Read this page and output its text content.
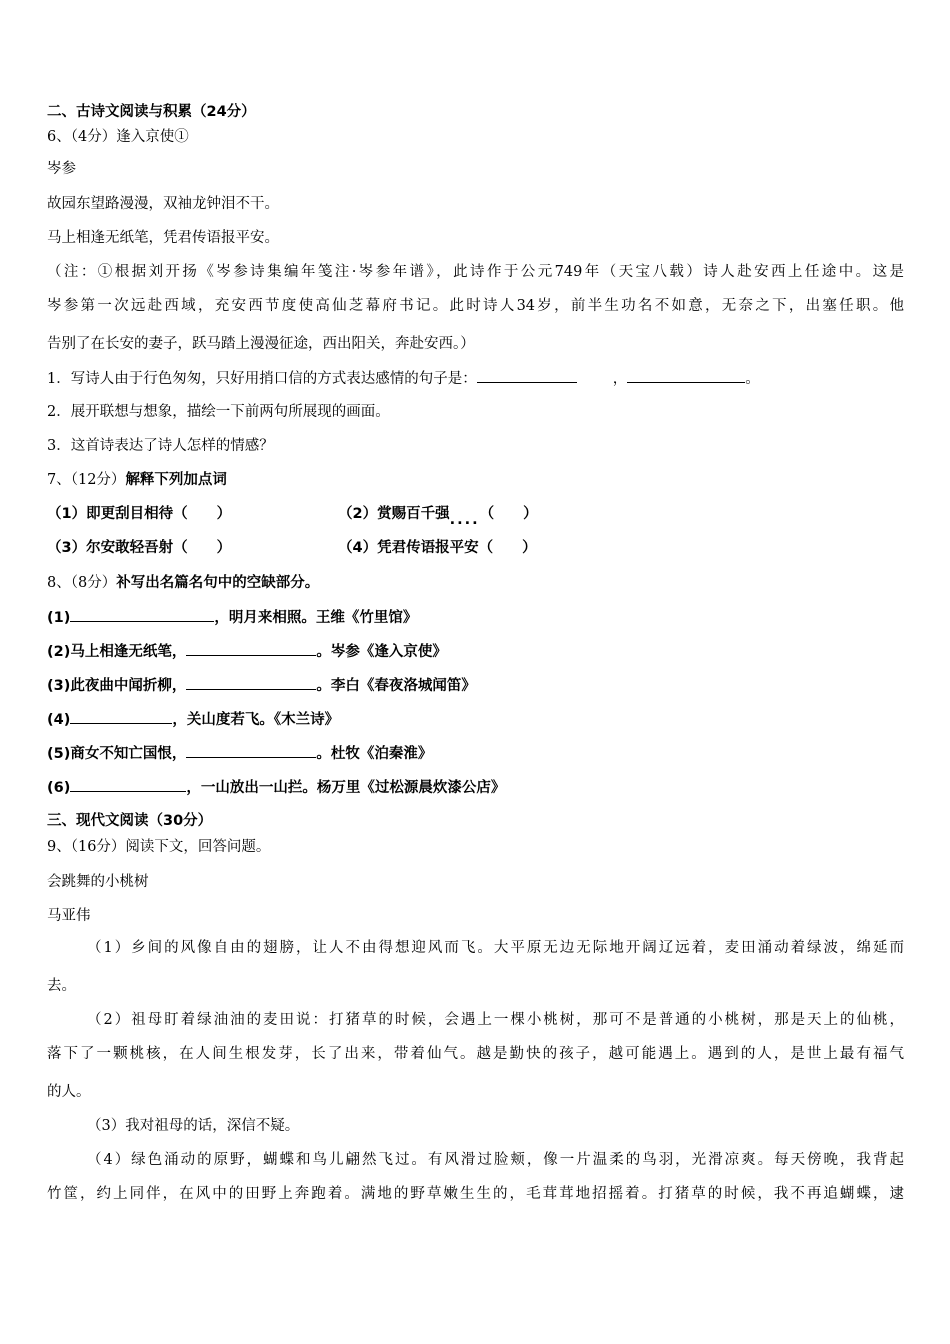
二、古诗文阅读与积累（24分）
6、（4分）逢入京使①
岑参
故园东望路漫漫，双袖龙钟泪不干。
马上相逢无纸笔，凭君传语报平安。
（注：①根据刘开扬《岑参诗集编年笺注·岑参年谱》，此诗作于公元749年（天宝八载）诗人赴安西上任途中。这是
岑参第一次远赴西域，充安西节度使高仙芝幕府书记。此时诗人34岁，前半生功名不如意，无奈之下，出塞任职。他
告别了在长安的妻子，跃马踏上漫漫征途，西出阳关，奔赴安西。）
1．写诗人由于行色匆匆，只好用捎口信的方式表达感情的句子是：	，	。
2．展开联想与想象，描绘一下前两句所展现的画面。
3．这首诗表达了诗人怎样的情感？
7、（12分）解释下列加点词
（1）即更刮目相待（　　）	（2）赏赐百千强....（　　）
（3）尔安敢轻吾射（　　）	（4）凭君传语报平安（　　）
8、（8分）补写出名篇名句中的空缺部分。
(1)	，明月来相照。王维《竹里馆》
(2)马上相逢无纸笔，	。岑参《逢入京使》
(3)此夜曲中闻折柳，	。李白《春夜洛城闻笛》
(4)	，关山度若飞。《木兰诗》
(5)商女不知亡国恨，	。杜牧《泊秦淮》
(6)	，一山放出一山拦。杨万里《过松源晨炊漆公店》
三、现代文阅读（30分）
9、（16分）阅读下文，回答问题。
会跳舞的小桃树
马亚伟
（1）乡间的风像自由的翅膀，让人不由得想迎风而飞。大平原无边无际地开阔辽远着，麦田涌动着绿波，绵延而
去。
（2）祖母盯着绿油油的麦田说：打猪草的时候，会遇上一棵小桃树，那可不是普通的小桃树，那是天上的仙桃，
落下了一颗桃核，在人间生根发芽，长了出来，带着仙气。越是勤快的孩子，越可能遇上。遇到的人，是世上最有福气
的人。
（3）我对祖母的话，深信不疑。
（4）绿色涌动的原野，蝴蝶和鸟儿翩然飞过。有风滑过脸颊，像一片温柔的鸟羽，光滑凉爽。每天傍晚，我背起
竹筐，约上同伴，在风中的田野上奔跑着。满地的野草嫩生生的，毛茸茸地招摇着。打猪草的时候，我不再追蝴蝶，逮
